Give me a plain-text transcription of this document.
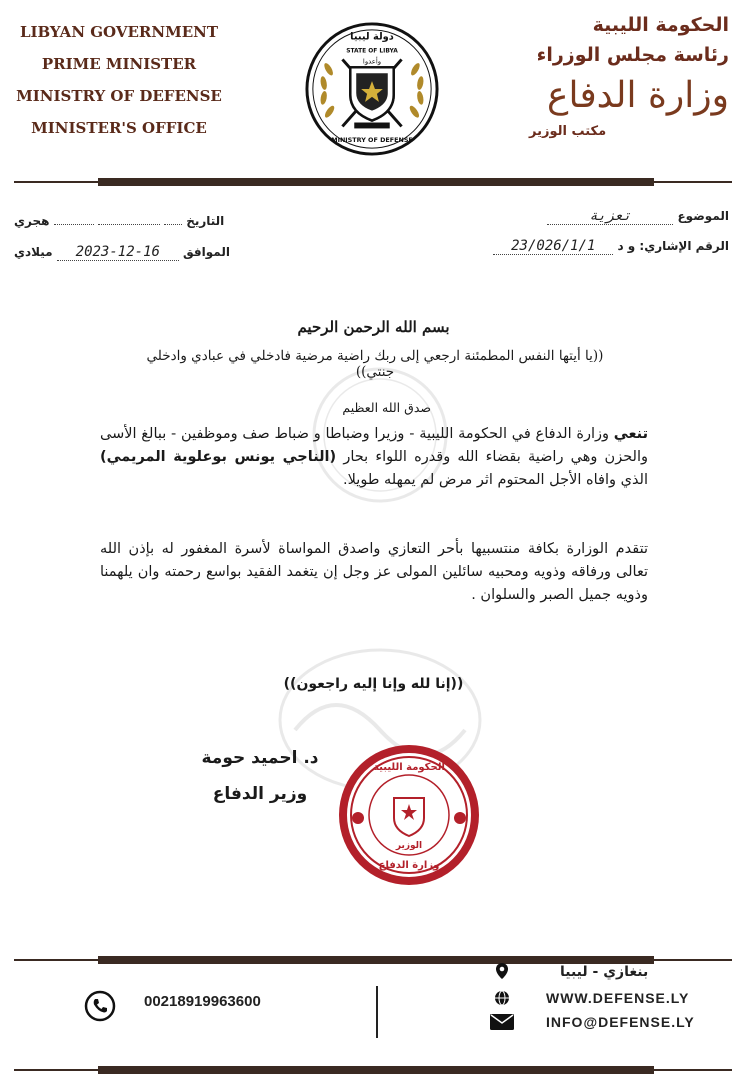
LIBYAN GOVERNMENT
PRIME MINISTER
MINISTRY OF DEFENSE
MINISTER'S OFFICE
الحكومة الليبية
رئاسة مجلس الوزراء
وزارة الدفاع
مكتب الوزير
دولة ليبيا
STATE OF LIBYA
وأعدوا
MINISTRY OF DEFENSE
الموضوع تعزية
الرقم الإشاري: و د 23/026/1/1
التاريخ    هجري
الموافق 2023-12-16 ميلادي
بسم الله الرحمن الرحيم
((يا أيتها النفس المطمئنة ارجعي إلى ربك راضية مرضية فادخلي في عبادي وادخلي جنتي))
صدق الله العظيم
تنعي وزارة الدفاع في الحكومة الليبية - وزيرا وضباطا و ضباط صف وموظفين - ببالغ الأسى والحزن وهي راضية بقضاء الله وقدره اللواء بحار (الناجي يونس بوعلوية المريمي) الذي وافاه الأجل المحتوم اثر مرض لم يمهله طويلا.
تتقدم الوزارة بكافة منتسبيها بأحر التعازي واصدق المواساة لأسرة المغفور له بإذن الله تعالى ورفاقه وذويه ومحبيه سائلين المولى عز وجل إن يتغمد الفقيد بواسع رحمته وان يلهمنا وذويه جميل الصبر والسلوان .
((إنا لله وإنا إليه راجعون))
د. احميد حومة
وزير الدفاع
الحكومة الليبية
الوزير
وزارة الدفاع
بنغازي - ليبيا
WWW.DEFENSE.LY
INFO@DEFENSE.LY
00218919963600
